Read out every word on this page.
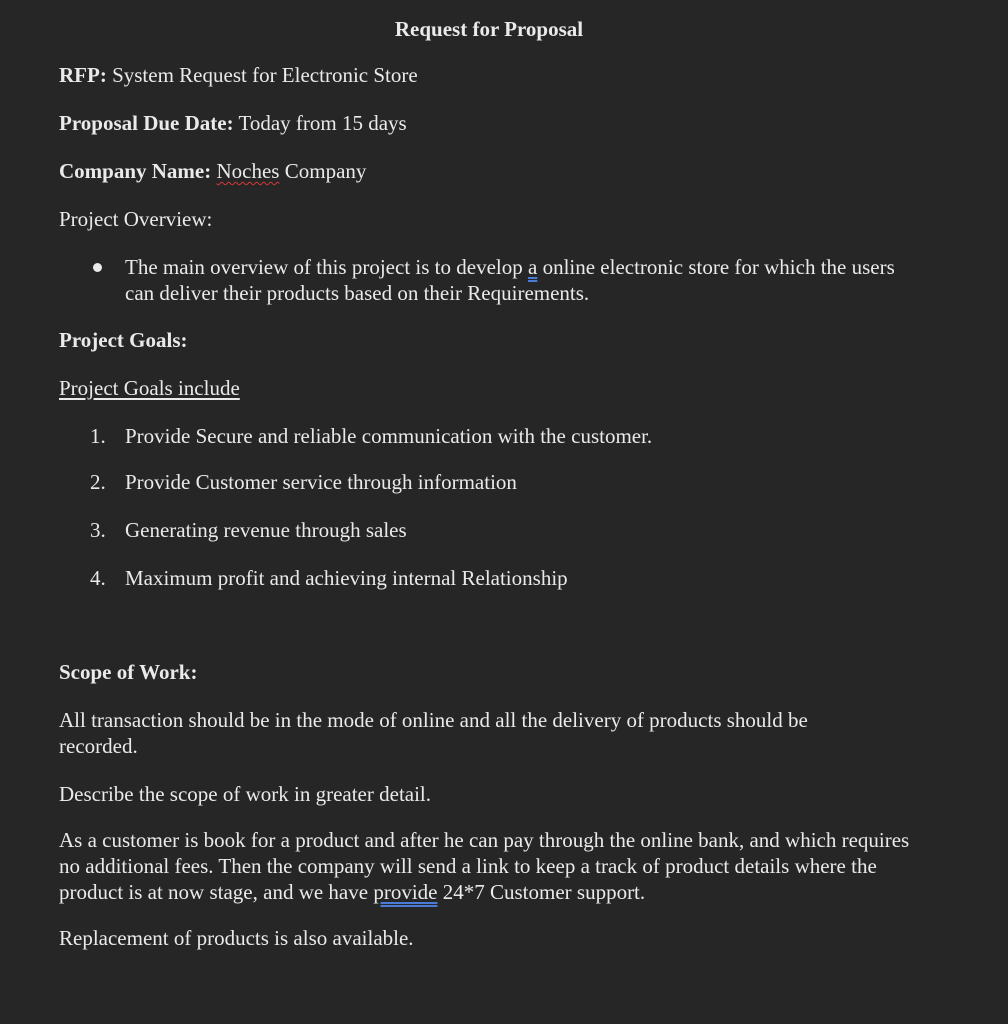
Request for Proposal
RFP: System Request for Electronic Store
Proposal Due Date: Today from 15 days
Company Name: Noches Company
Project Overview:
The main overview of this project is to develop a online electronic store for which the users can deliver their products based on their Requirements.
Project Goals:
Project Goals include
1. Provide Secure and reliable communication with the customer.
2. Provide Customer service through information
3. Generating revenue through sales
4. Maximum profit and achieving internal Relationship
Scope of Work:
All transaction should be in the mode of online and all the delivery of products should be recorded.
Describe the scope of work in greater detail.
As a customer is book for a product and after he can pay through the online bank, and which requires no additional fees. Then the company will send a link to keep a track of product details where the product is at now stage, and we have provide 24*7 Customer support.
Replacement of products is also available.
